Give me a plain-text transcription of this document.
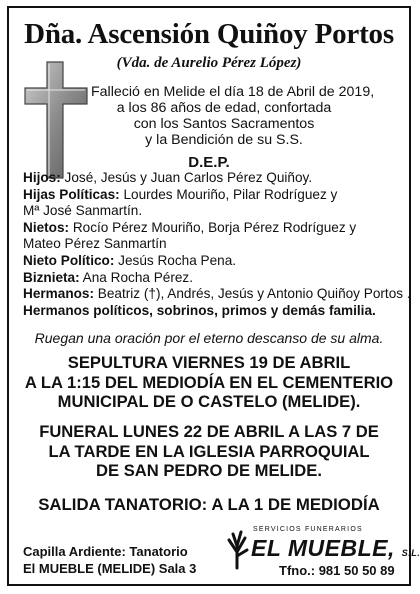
Dña. Ascensión Quiñoy Portos
(Vda. de Aurelio Pérez López)
Falleció en Melide el día 18 de Abril de 2019,
a los 86 años de edad, confortada
con los Santos Sacramentos
y la Bendición de su S.S.
D.E.P.
Hijos: José, Jesús y Juan Carlos Pérez Quiñoy.
Hijas Políticas: Lourdes Mouriño, Pilar Rodríguez y
Mª José Sanmartín.
Nietos: Rocío Pérez Mouriño, Borja Pérez Rodríguez y
Mateo Pérez Sanmartín
Nieto Político: Jesús Rocha Pena.
Biznieta: Ana Rocha Pérez.
Hermanos: Beatriz (†), Andrés, Jesús y Antonio Quiñoy Portos .
Hermanos políticos, sobrinos, primos y demás familia.
Ruegan una oración por el eterno descanso de su alma.
SEPULTURA VIERNES 19 DE ABRIL
A LA 1:15 DEL MEDIODÍA EN EL CEMENTERIO
MUNICIPAL DE O CASTELO (MELIDE).
FUNERAL LUNES 22 DE ABRIL A LAS 7 DE
LA TARDE EN LA IGLESIA PARROQUIAL
DE SAN PEDRO DE MELIDE.
SALIDA TANATORIO: A LA 1 DE MEDIODÍA
Capilla Ardiente: Tanatorio
El MUEBLE (MELIDE) Sala 3
SERVICIOS FUNERARIOS
EL MUEBLE, S.L.
Tfno.: 981 50 50 89
